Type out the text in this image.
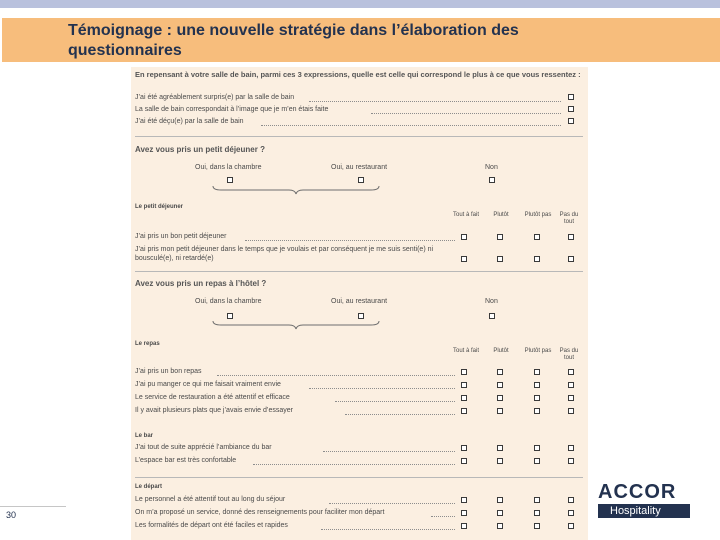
Témoignage : une nouvelle stratégie dans l’élaboration des questionnaires
En repensant à votre salle de bain, parmi ces 3 expressions, quelle est celle qui correspond le plus à ce que vous ressentez :
J’ai été agréablement surpris(e) par la salle de bain
La salle de bain correspondait à l’image que je m’en étais faite
J’ai été déçu(e) par la salle de bain
Avez vous pris un petit déjeuner ?
Oui, dans la chambre	Oui, au restaurant	Non
Le petit déjeuner
Tout à fait	Plutôt	Plutôt pas	Pas du tout
J’ai pris un bon petit déjeuner
J’ai pris mon petit déjeuner dans le temps que je voulais et par conséquent je me suis senti(e) ni bousculé(e), ni retardé(e)
Avez vous pris un repas à l’hôtel ?
Oui, dans la chambre	Oui, au restaurant	Non
Le repas
Tout à fait	Plutôt	Plutôt pas	Pas du tout
J’ai pris un bon repas
J’ai pu manger ce qui me faisait vraiment envie
Le service de restauration a été attentif et efficace
Il y avait plusieurs plats que j’avais envie d’essayer
Le bar
J’ai tout de suite apprécié l’ambiance du bar
L’espace bar est très confortable
Le départ
Le personnel a été attentif tout au long du séjour
On m’a proposé un service, donné des renseignements pour faciliter mon départ
Les formalités de départ ont été faciles et rapides
30
ACCOR
Hospitality
